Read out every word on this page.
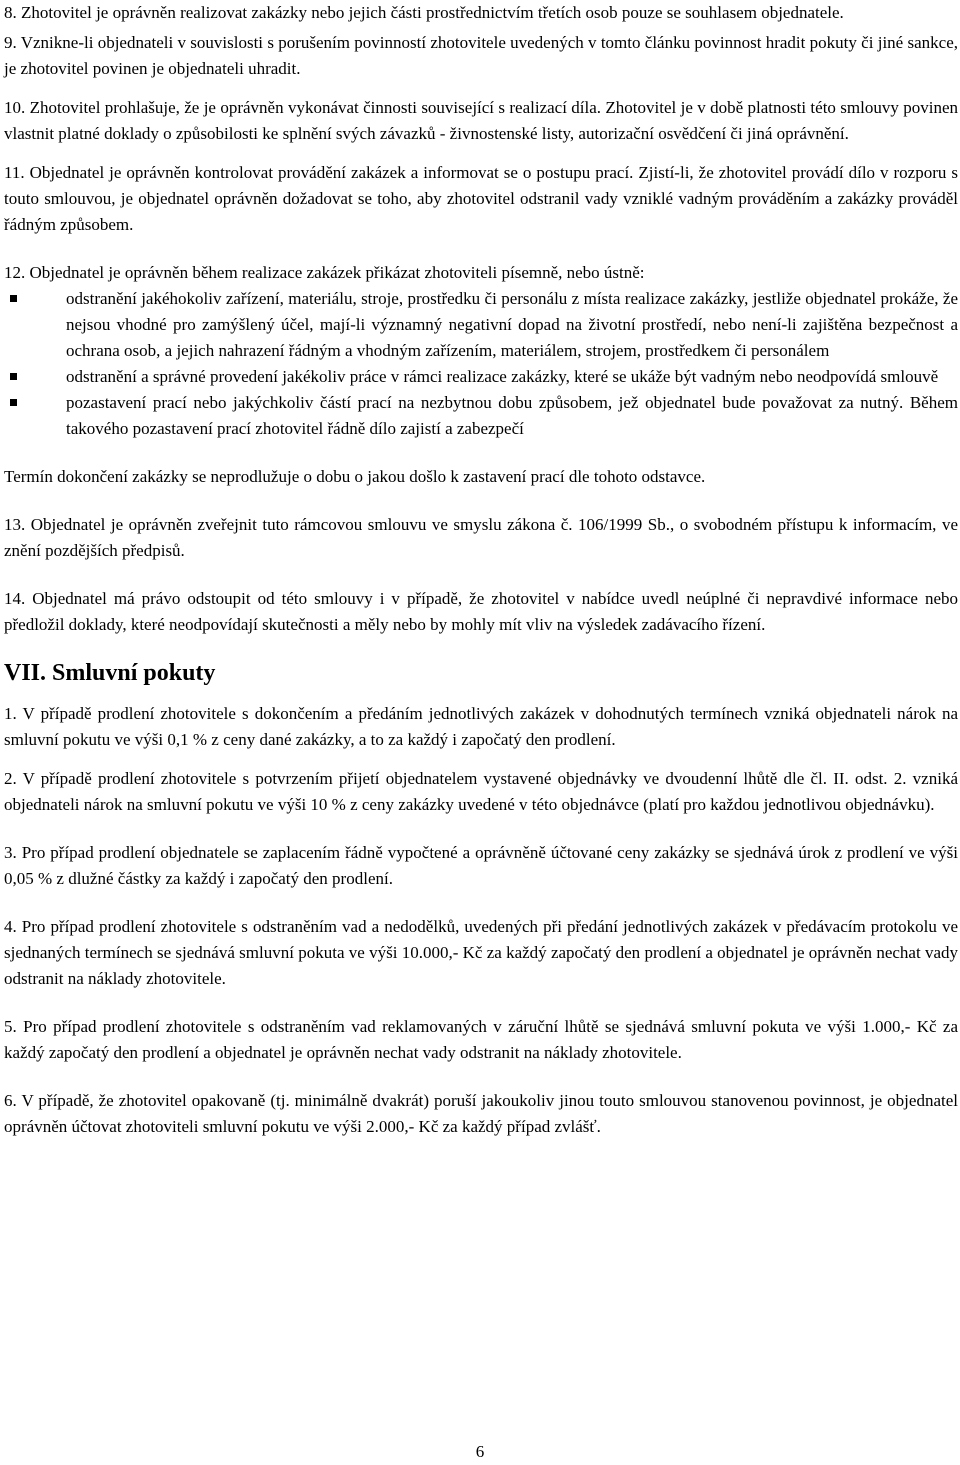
8. Zhotovitel je oprávněn realizovat zakázky nebo jejich části prostřednictvím třetích osob pouze se souhlasem objednatele.

9. Vznikne-li objednateli v souvislosti s porušením povinností zhotovitele uvedených v tomto článku povinnost hradit pokuty či jiné sankce, je zhotovitel povinen je objednateli uhradit.

10. Zhotovitel prohlašuje, že je oprávněn vykonávat činnosti související s realizací díla. Zhotovitel je v době platnosti této smlouvy povinen vlastnit platné doklady o způsobilosti ke splnění svých závazků - živnostenské listy, autorizační osvědčení či jiná oprávnění.

11. Objednatel je oprávněn kontrolovat provádění zakázek a informovat se o postupu prací. Zjistí-li, že zhotovitel provádí dílo v rozporu s touto smlouvou, je objednatel oprávněn dožadovat se toho, aby zhotovitel odstranil vady vzniklé vadným prováděním a zakázky prováděl řádným způsobem.

12. Objednatel je oprávněn během realizace zakázek přikázat zhotoviteli písemně, nebo ústně:

odstranění jakéhokoliv zařízení, materiálu, stroje, prostředku či personálu z místa realizace zakázky, jestliže objednatel prokáže, že nejsou vhodné pro zamýšlený účel, mají-li významný negativní dopad na životní prostředí, nebo není-li zajištěna bezpečnost a ochrana osob, a jejich nahrazení řádným a vhodným zařízením, materiálem, strojem, prostředkem či personálem
odstranění a správné provedení jakékoliv práce v rámci realizace zakázky, které se ukáže být vadným nebo neodpovídá smlouvě
pozastavení prací nebo jakýchkoliv částí prací na nezbytnou dobu způsobem, jež objednatel bude považovat za nutný. Během takového pozastavení prací zhotovitel řádně dílo zajistí a zabezpečí

Termín dokončení zakázky se neprodlužuje o dobu o jakou došlo k zastavení prací dle tohoto odstavce.

13. Objednatel je oprávněn zveřejnit tuto rámcovou smlouvu ve smyslu zákona č. 106/1999 Sb., o svobodném přístupu k informacím, ve znění pozdějších předpisů.

14. Objednatel má právo odstoupit od této smlouvy i v případě, že zhotovitel v nabídce uvedl neúplné či nepravdivé informace nebo předložil doklady, které neodpovídají skutečnosti a měly nebo by mohly mít vliv na výsledek zadávacího řízení.

VII. Smluvní pokuty

1. V případě prodlení zhotovitele s dokončením a předáním jednotlivých zakázek v dohodnutých termínech vzniká objednateli nárok na smluvní pokutu ve výši 0,1 % z ceny dané zakázky, a to za každý i započatý den prodlení.

2. V případě prodlení zhotovitele s potvrzením přijetí objednatelem vystavené objednávky ve dvoudenní lhůtě dle čl. II. odst. 2. vzniká objednateli nárok na smluvní pokutu ve výši 10 % z ceny zakázky uvedené v této objednávce (platí pro každou jednotlivou objednávku).

3. Pro případ prodlení objednatele se zaplacením řádně vypočtené a oprávněně účtované ceny zakázky se sjednává úrok z prodlení ve výši 0,05 % z dlužné částky za každý i započatý den prodlení.

4. Pro případ prodlení zhotovitele s odstraněním vad a nedodělků, uvedených při předání jednotlivých zakázek v předávacím protokolu ve sjednaných termínech se sjednává smluvní pokuta ve výši 10.000,- Kč za každý započatý den prodlení a objednatel je oprávněn nechat vady odstranit na náklady zhotovitele.

5. Pro případ prodlení zhotovitele s odstraněním vad reklamovaných v záruční lhůtě se sjednává smluvní pokuta ve výši 1.000,- Kč za každý započatý den prodlení a objednatel je oprávněn nechat vady odstranit na náklady zhotovitele.

6. V případě, že zhotovitel opakovaně (tj. minimálně dvakrát) poruší jakoukoliv jinou touto smlouvou stanovenou povinnost, je objednatel oprávněn účtovat zhotoviteli smluvní pokutu ve výši 2.000,- Kč za každý případ zvlášť.

6
